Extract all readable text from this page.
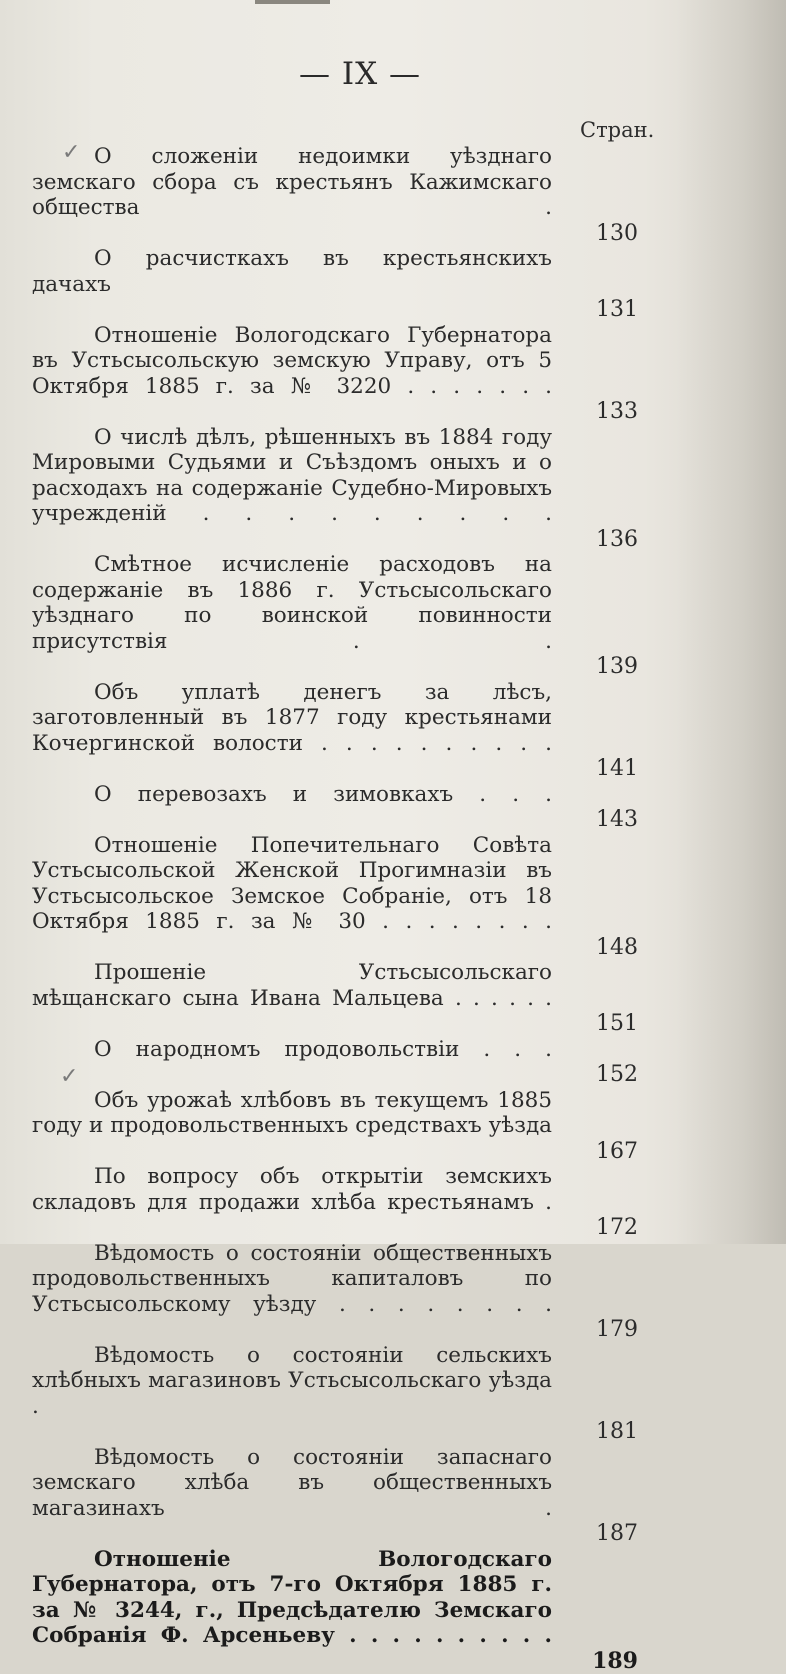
— IX —
Стран.
✓
✓
О сложеніи недоимки уѣзднаго земскаго сбора съ крестьянъ Кажимскаго общества .
130
О расчисткахъ въ крестьянскихъ дачахъ
131
Отношеніе Вологодскаго Губернатора въ Устьсысольскую земскую Управу, отъ 5 Октября 1885 г. за № 3220 . . . . . . .
133
О числѣ дѣлъ, рѣшенныхъ въ 1884 году Мировыми Судьями и Съѣздомъ оныхъ и о расходахъ на содержаніе Судебно-Мировыхъ учрежденій . . . . . . . . .
136
Смѣтное исчисленіе расходовъ на содержаніе въ 1886 г. Устьсысольскаго уѣзднаго по воинской повинности присутствія . .
139
Объ уплатѣ денегъ за лѣсъ, заготовленный въ 1877 году крестьянами Кочергинской волости . . . . . . . . . .
141
О перевозахъ и зимовкахъ . . .
143
Отношеніе Попечительнаго Совѣта Устьсысольской Женской Прогимназіи въ Устьсысольское Земское Собраніе, отъ 18 Октября 1885 г. за № 30 . . . . . . . .
148
Прошеніе Устьсысольскаго мѣщанскаго сына Ивана Мальцева . . . . . .
151
О народномъ продовольствіи . . .
152
Объ урожаѣ хлѣбовъ въ текущемъ 1885 году и продовольственныхъ средствахъ уѣзда
167
По вопросу объ открытіи земскихъ складовъ для продажи хлѣба крестьянамъ .
172
Вѣдомость о состояніи общественныхъ продовольственныхъ капиталовъ по Устьсысольскому уѣзду . . . . . . . .
179
Вѣдомость о состояніи сельскихъ хлѣбныхъ магазиновъ Устьсысольскаго уѣзда .
181
Вѣдомость о состояніи запаснаго земскаго хлѣба въ общественныхъ магазинахъ .
187
Отношеніе Вологодскаго Губернатора, отъ 7-го Октября 1885 г. за № 3244, г., Предсѣдателю Земскаго Собранія Ф. Арсеньеву . . . . . . . . . .
189
